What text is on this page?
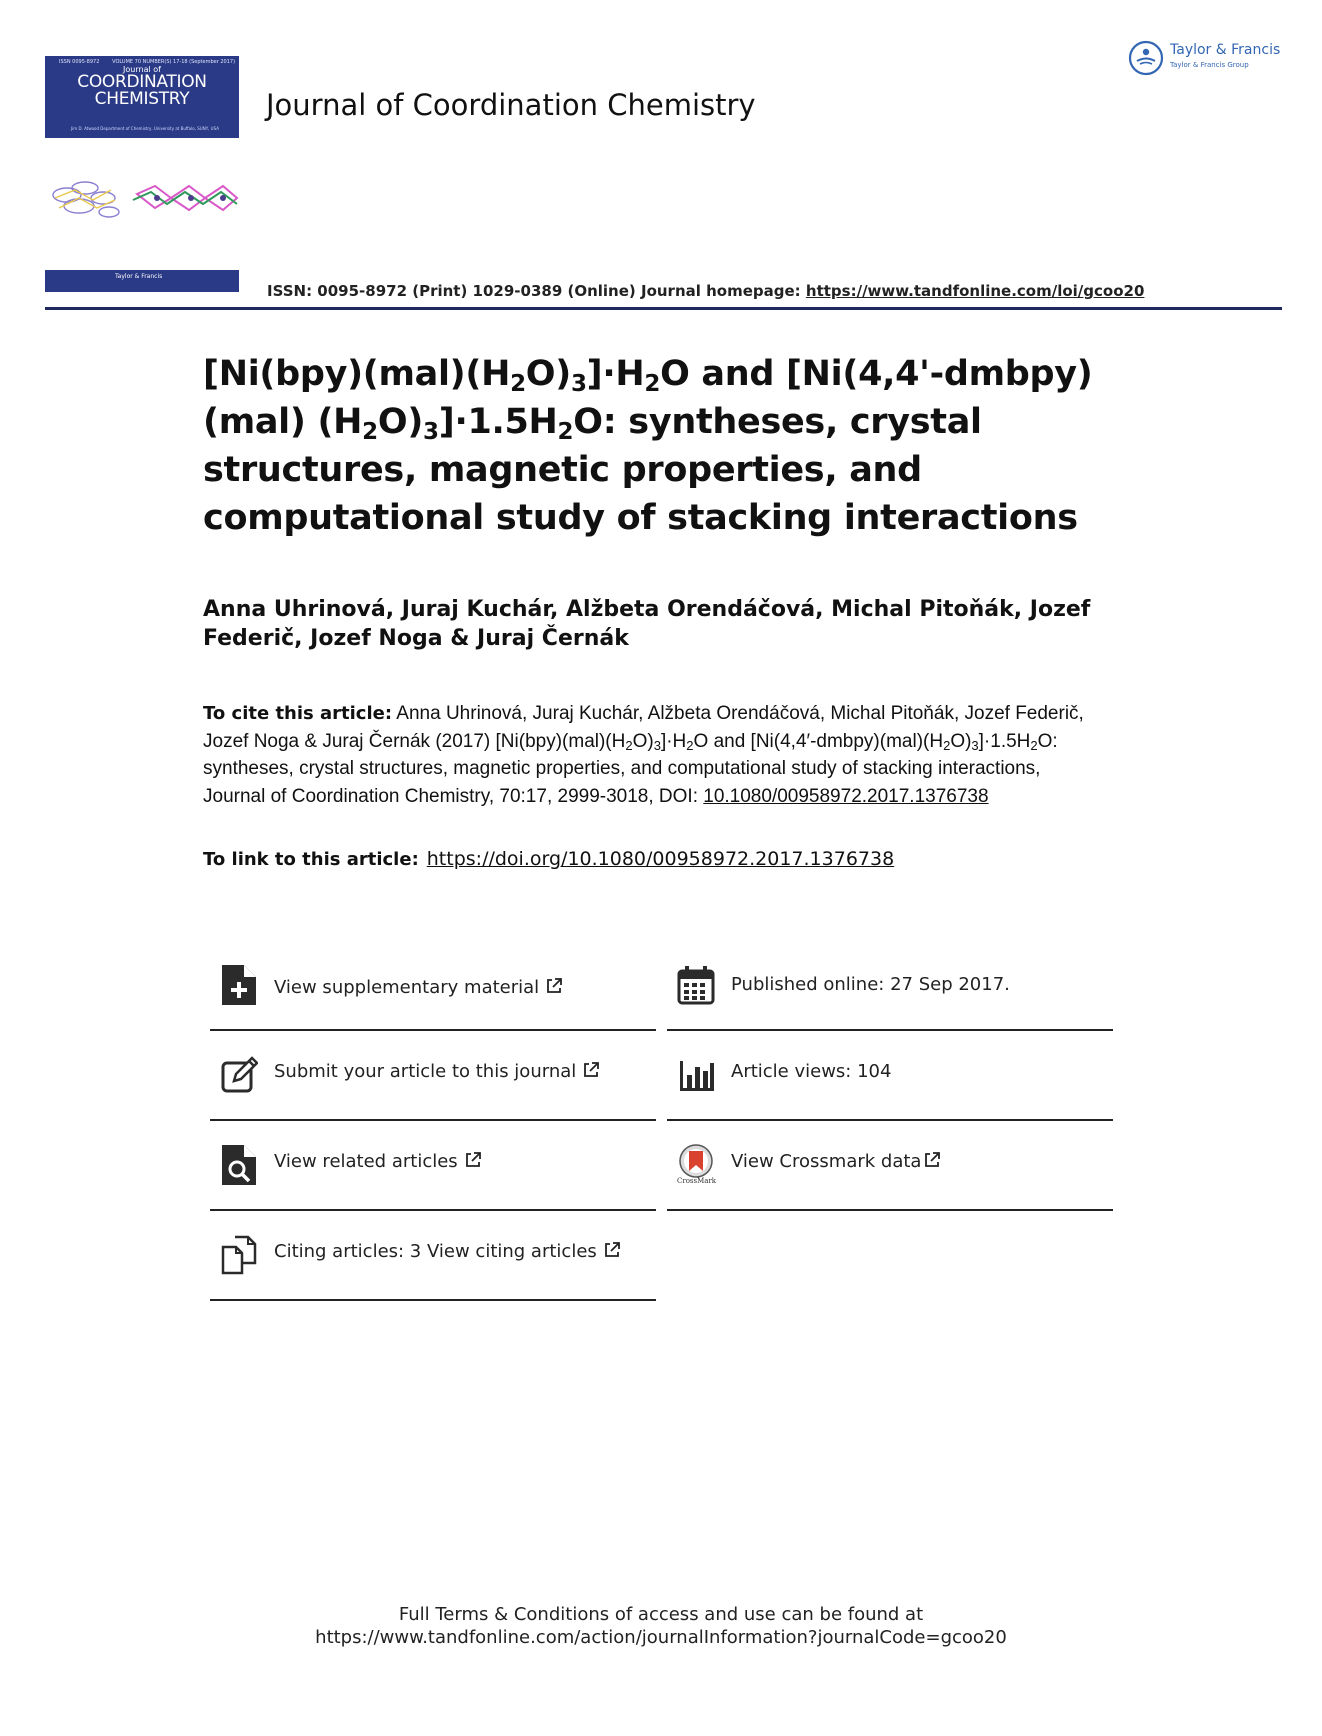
ISSN 0095-8972	VOLUME 70 NUMBER(S) 17-18 (September 2017)
Journal of
COORDINATION
CHEMISTRY
Jim D. Atwood Department of Chemistry, University at Buffalo, SUNY, USA
Taylor & Francis
Journal of Coordination Chemistry
Taylor & Francis
Taylor & Francis Group
ISSN: 0095-8972 (Print) 1029-0389 (Online) Journal homepage: https://www.tandfonline.com/loi/gcoo20
$[Ni(bpy)(mal)(H_2O)_3]\cdot H_2O$ and [Ni(4,4'-dmbpy)(mal) $(H_2O)_3]\cdot 1.5H_2O$: syntheses, crystal structures, magnetic properties, and computational study of stacking interactions
Anna Uhrinová, Juraj Kuchár, Alžbeta Orendáčová, Michal Pitoňák, Jozef Federič, Jozef Noga & Juraj Černák
To cite this article: Anna Uhrinová, Juraj Kuchár, Alžbeta Orendáčová, Michal Pitoňák, Jozef Federič, Jozef Noga & Juraj Černák (2017) $[Ni(bpy)(mal)(H_2O)_3]\cdot H_2O$ and $[Ni(4,4'-dmbpy)(mal)(H_2O)_3]\cdot 1.5H_2O$: syntheses, crystal structures, magnetic properties, and computational study of stacking interactions, Journal of Coordination Chemistry, 70:17, 2999-3018, DOI: 10.1080/00958972.2017.1376738
To link to this article: https://doi.org/10.1080/00958972.2017.1376738
View supplementary material
Submit your article to this journal
View related articles
Citing articles: 3 View citing articles
Published online: 27 Sep 2017.
Article views: 104
CrossMark
View Crossmark data
Full Terms & Conditions of access and use can be found at
https://www.tandfonline.com/action/journalInformation?journalCode=gcoo20
